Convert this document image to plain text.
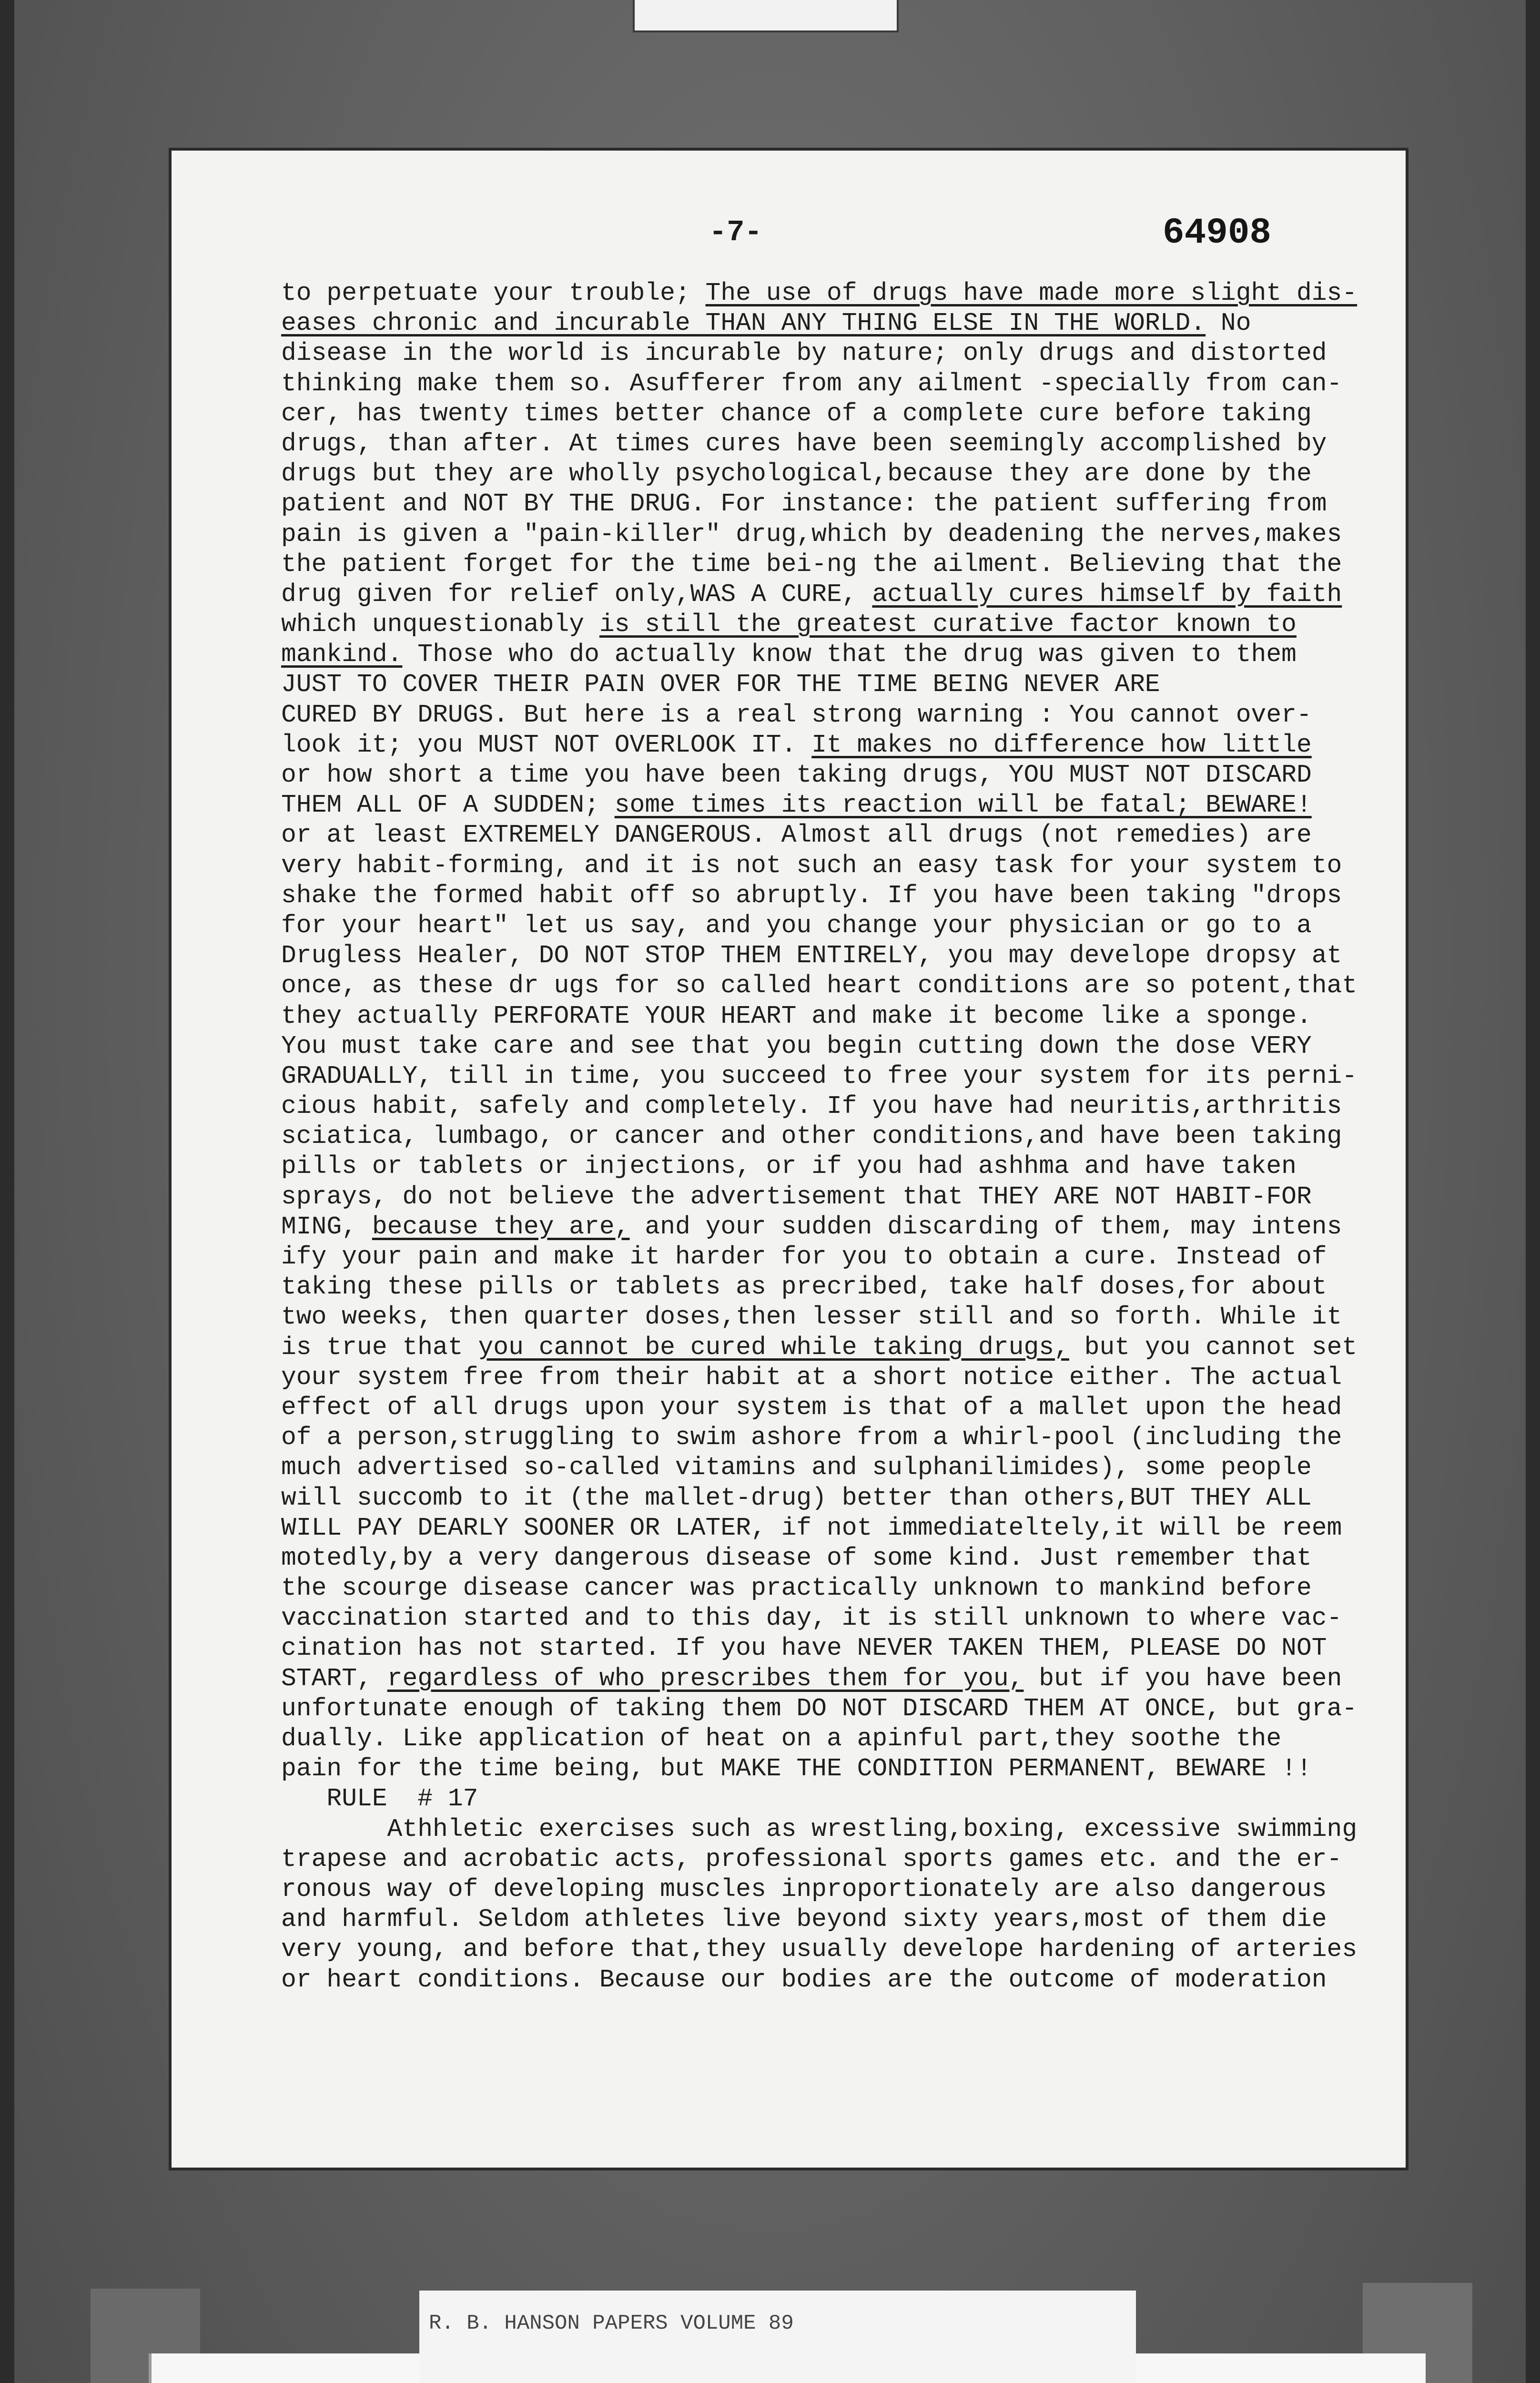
-7-	64908
to perpetuate your trouble; The use of drugs have made more slight dis-
eases chronic and incurable THAN ANY THING ELSE IN THE WORLD. No
disease in the world is incurable by nature; only drugs and distorted
thinking make them so. Asufferer from any ailment -specially from can-
cer, has twenty times better chance of a complete cure before taking
drugs, than after. At times cures have been seemingly accomplished by
drugs but they are wholly psychological,because they are done by the
patient and NOT BY THE DRUG. For instance: the patient suffering from
pain is given a "pain-killer" drug,which by deadening the nerves,makes
the patient forget for the time bei-ng the ailment. Believing that the
drug given for relief only,WAS A CURE, actually cures himself by faith
which unquestionably is still the greatest curative factor known to
mankind. Those who do actually know that the drug was given to them
JUST TO COVER THEIR PAIN OVER FOR THE TIME BEING NEVER ARE
CURED BY DRUGS. But here is a real strong warning : You cannot over-
look it; you MUST NOT OVERLOOK IT. It makes no difference how little
or how short a time you have been taking drugs, YOU MUST NOT DISCARD
THEM ALL OF A SUDDEN; some times its reaction will be fatal; BEWARE!
or at least EXTREMELY DANGEROUS. Almost all drugs (not remedies) are
very habit-forming, and it is not such an easy task for your system to
shake the formed habit off so abruptly. If you have been taking "drops
for your heart" let us say, and you change your physician or go to a
Drugless Healer, DO NOT STOP THEM ENTIRELY, you may develope dropsy at
once, as these dr ugs for so called heart conditions are so potent,that
they actually PERFORATE YOUR HEART and make it become like a sponge.
You must take care and see that you begin cutting down the dose VERY
GRADUALLY, till in time, you succeed to free your system for its perni-
cious habit, safely and completely. If you have had neuritis,arthritis
sciatica, lumbago, or cancer and other conditions,and have been taking
pills or tablets or injections, or if you had ashhma and have taken
sprays, do not believe the advertisement that THEY ARE NOT HABIT-FOR
MING, because they are, and your sudden discarding of them, may intens
ify your pain and make it harder for you to obtain a cure. Instead of
taking these pills or tablets as precribed, take half doses,for about
two weeks, then quarter doses,then lesser still and so forth. While it
is true that you cannot be cured while taking drugs, but you cannot set
your system free from their habit at a short notice either. The actual
effect of all drugs upon your system is that of a mallet upon the head
of a person,struggling to swim ashore from a whirl-pool (including the
much advertised so-called vitamins and sulphanilimides), some people
will succomb to it (the mallet-drug) better than others,BUT THEY ALL
WILL PAY DEARLY SOONER OR LATER, if not immediateltely,it will be reem
motedly,by a very dangerous disease of some kind. Just remember that
the scourge disease cancer was practically unknown to mankind before
vaccination started and to this day, it is still unknown to where vac-
cination has not started. If you have NEVER TAKEN THEM, PLEASE DO NOT
START, regardless of who prescribes them for you, but if you have been
unfortunate enough of taking them DO NOT DISCARD THEM AT ONCE, but gra-
dually. Like application of heat on a apinful part,they soothe the
pain for the time being, but MAKE THE CONDITION PERMANENT, BEWARE !!
RULE  # 17
Athhletic exercises such as wrestling,boxing, excessive swimming
trapese and acrobatic acts, professional sports games etc. and the er-
ronous way of developing muscles inproportionately are also dangerous
and harmful. Seldom athletes live beyond sixty years,most of them die
very young, and before that,they usually develope hardening of arteries
or heart conditions. Because our bodies are the outcome of moderation
R. B. HANSON PAPERS VOLUME 89
